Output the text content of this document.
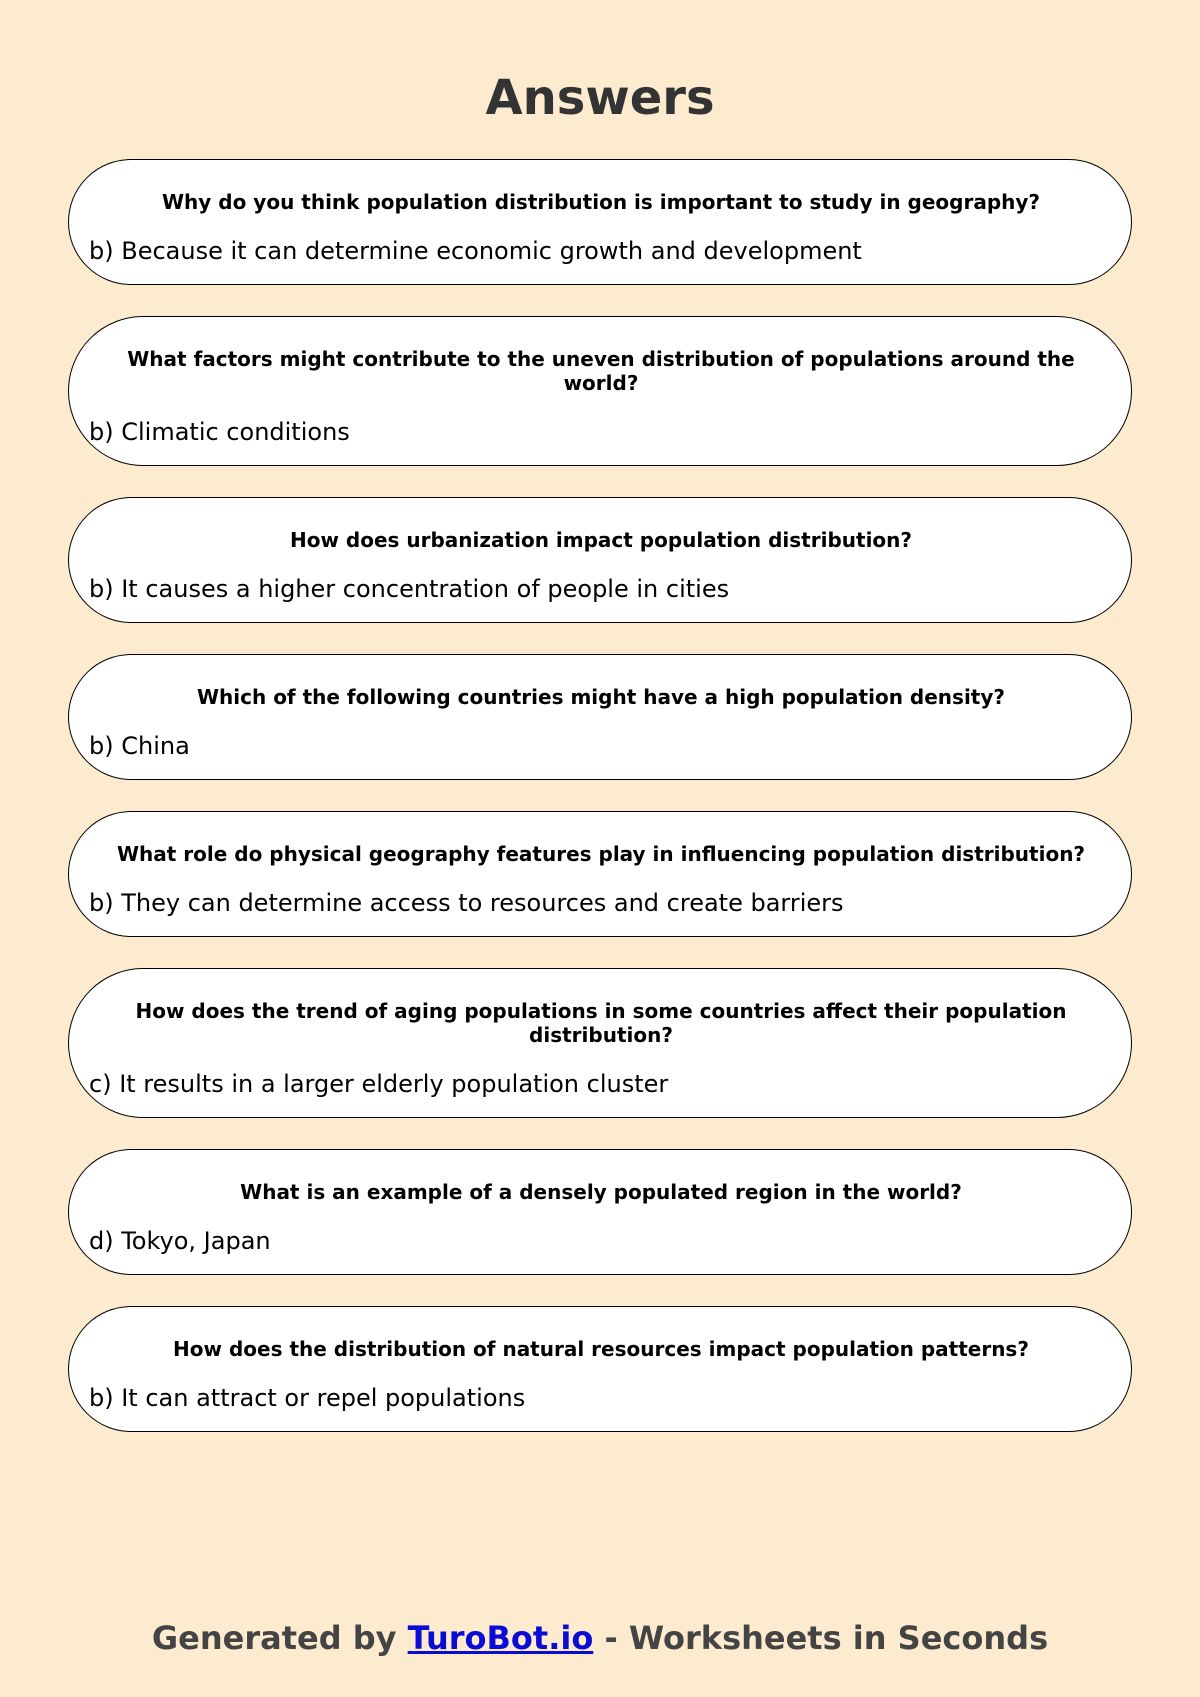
Answers

Why do you think population distribution is important to study in geography?

b) Because it can determine economic growth and development

What factors might contribute to the uneven distribution of populations around the world?

b) Climatic conditions

How does urbanization impact population distribution?

b) It causes a higher concentration of people in cities

Which of the following countries might have a high population density?

b) China

What role do physical geography features play in influencing population distribution?

b) They can determine access to resources and create barriers

How does the trend of aging populations in some countries affect their population distribution?

c) It results in a larger elderly population cluster

What is an example of a densely populated region in the world?

d) Tokyo, Japan

How does the distribution of natural resources impact population patterns?

b) It can attract or repel populations

Generated by TuroBot.io - Worksheets in Seconds
